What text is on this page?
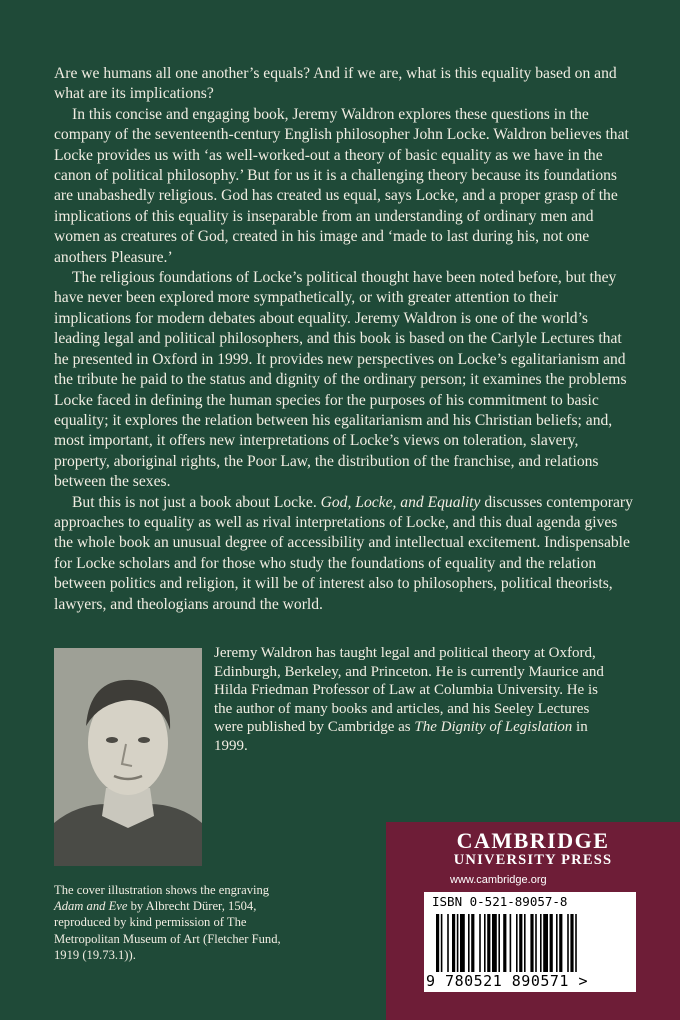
Are we humans all one another’s equals? And if we are, what is this equality based on and what are its implications?

In this concise and engaging book, Jeremy Waldron explores these questions in the company of the seventeenth-century English philosopher John Locke. Waldron believes that Locke provides us with ‘as well-worked-out a theory of basic equality as we have in the canon of political philosophy.’ But for us it is a challenging theory because its foundations are unabashedly religious. God has created us equal, says Locke, and a proper grasp of the implications of this equality is inseparable from an understanding of ordinary men and women as creatures of God, created in his image and ‘made to last during his, not one anothers Pleasure.’

The religious foundations of Locke’s political thought have been noted before, but they have never been explored more sympathetically, or with greater attention to their implications for modern debates about equality. Jeremy Waldron is one of the world’s leading legal and political philosophers, and this book is based on the Carlyle Lectures that he presented in Oxford in 1999. It provides new perspectives on Locke’s egalitarianism and the tribute he paid to the status and dignity of the ordinary person; it examines the problems Locke faced in defining the human species for the purposes of his commitment to basic equality; it explores the relation between his egalitarianism and his Christian beliefs; and, most important, it offers new interpretations of Locke’s views on toleration, slavery, property, aboriginal rights, the Poor Law, the distribution of the franchise, and relations between the sexes.

But this is not just a book about Locke. God, Locke, and Equality discusses contemporary approaches to equality as well as rival interpretations of Locke, and this dual agenda gives the whole book an unusual degree of accessibility and intellectual excitement. Indispensable for Locke scholars and for those who study the foundations of equality and the relation between politics and religion, it will be of interest also to philosophers, political theorists, lawyers, and theologians around the world.

Jeremy Waldron has taught legal and political theory at Oxford, Edinburgh, Berkeley, and Princeton. He is currently Maurice and Hilda Friedman Professor of Law at Columbia University. He is the author of many books and articles, and his Seeley Lectures were published by Cambridge as The Dignity of Legislation in 1999.
The cover illustration shows the engraving Adam and Eve by Albrecht Dürer, 1504, reproduced by kind permission of The Metropolitan Museum of Art (Fletcher Fund, 1919 (19.73.1)).
CAMBRIDGE
UNIVERSITY PRESS
www.cambridge.org
ISBN 0-521-89057-8
9 780521 890571 >
